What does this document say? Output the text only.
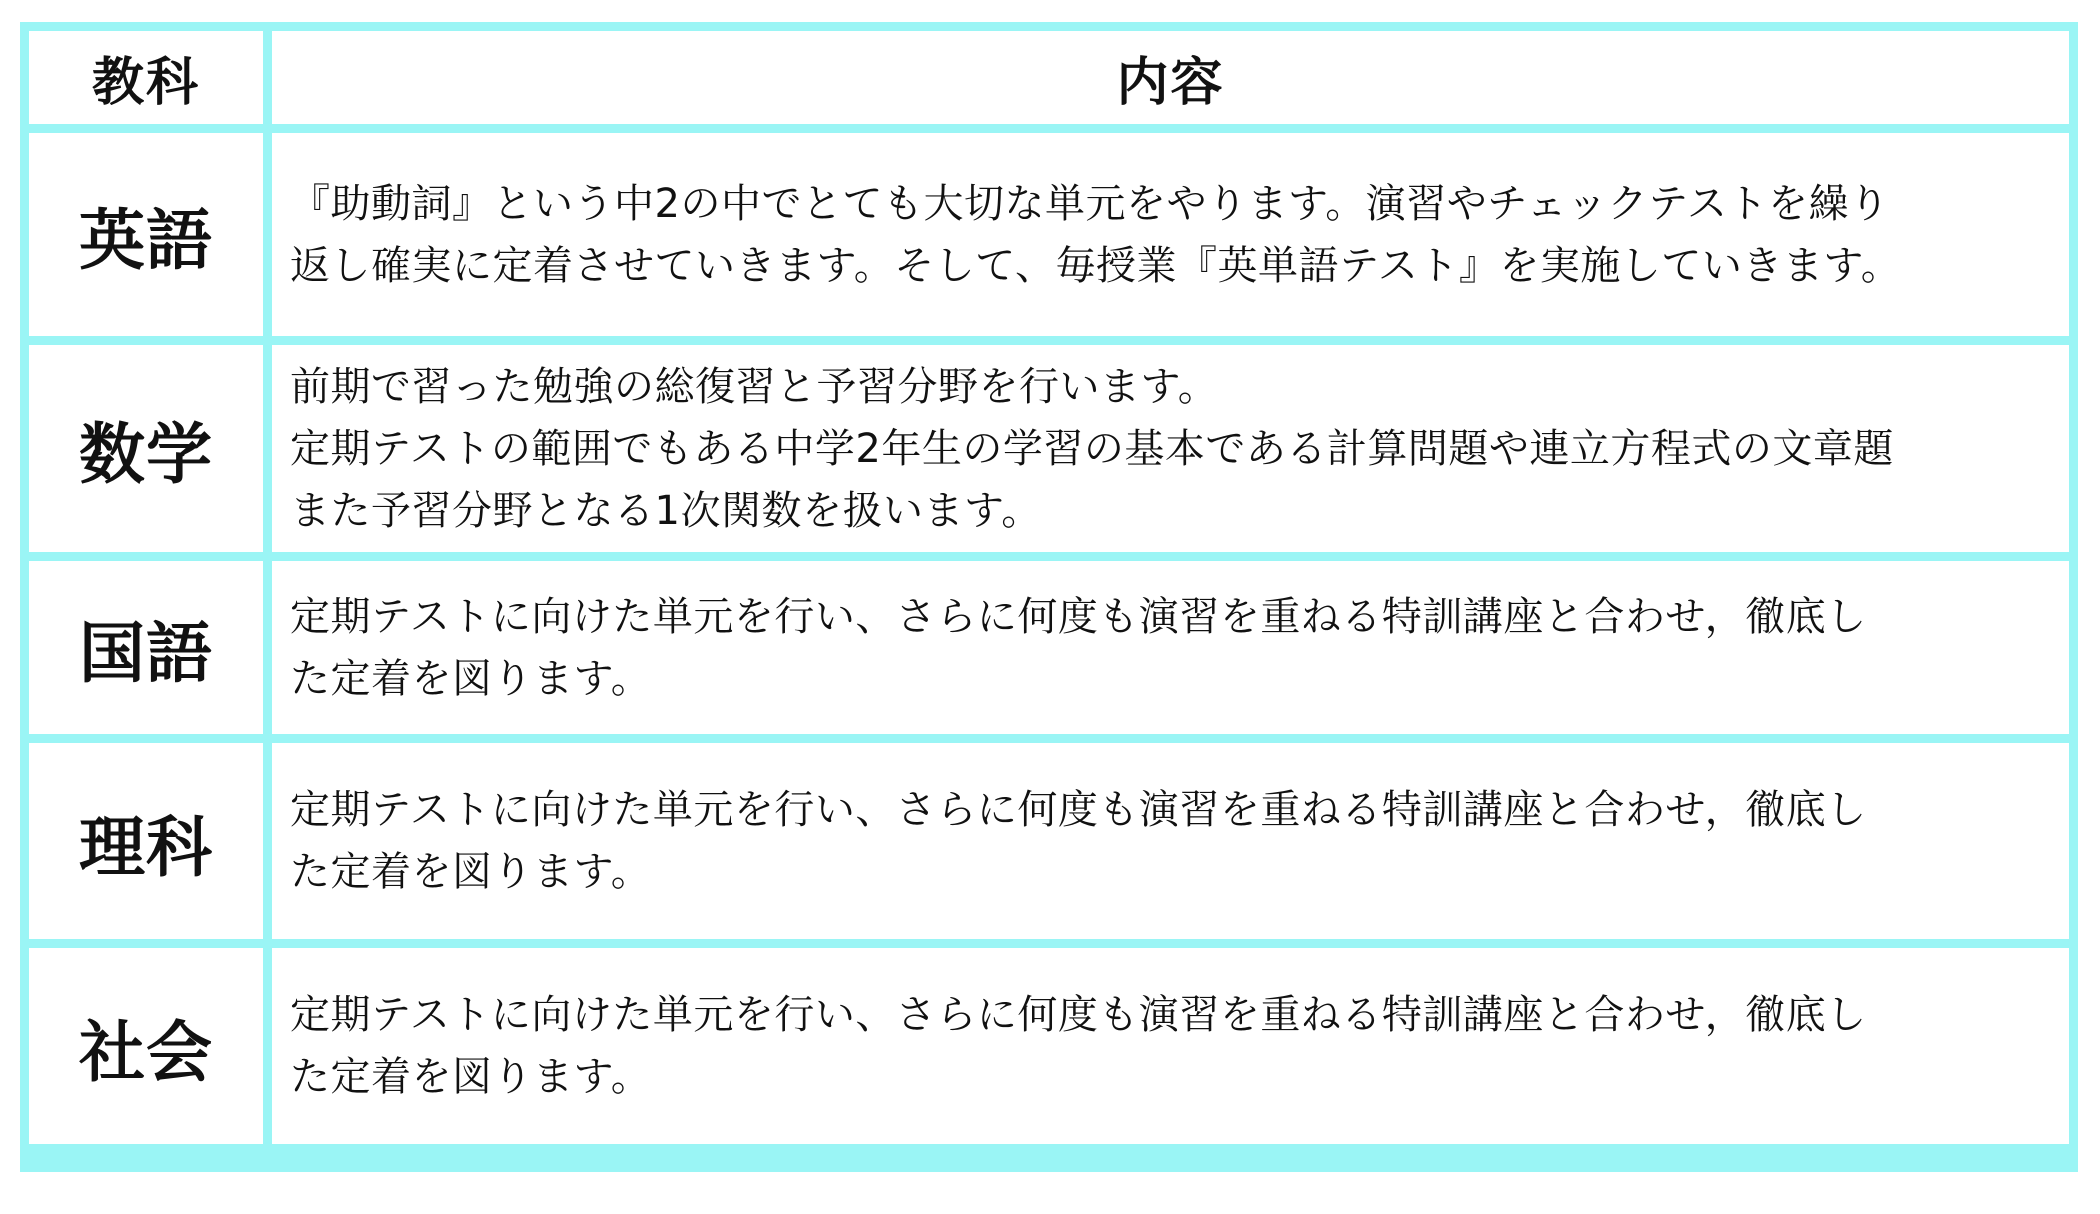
教科	内容
英語 『助動詞』という中2の中でとても大切な単元をやります。演習やチェックテストを繰り
返し確実に定着させていきます。そして、毎授業『英単語テスト』を実施していきます。
数学
前期で習った勉強の総復習と予習分野を行います。
定期テストの範囲でもある中学2年生の学習の基本である計算問題や連立方程式の文章題
また予習分野となる1次関数を扱います。
国語 定期テストに向けた単元を行い、さらに何度も演習を重ねる特訓講座と合わせ，徹底し
た定着を図ります。
理科 定期テストに向けた単元を行い、さらに何度も演習を重ねる特訓講座と合わせ，徹底し
た定着を図ります。
社会 定期テストに向けた単元を行い、さらに何度も演習を重ねる特訓講座と合わせ，徹底し
た定着を図ります。
